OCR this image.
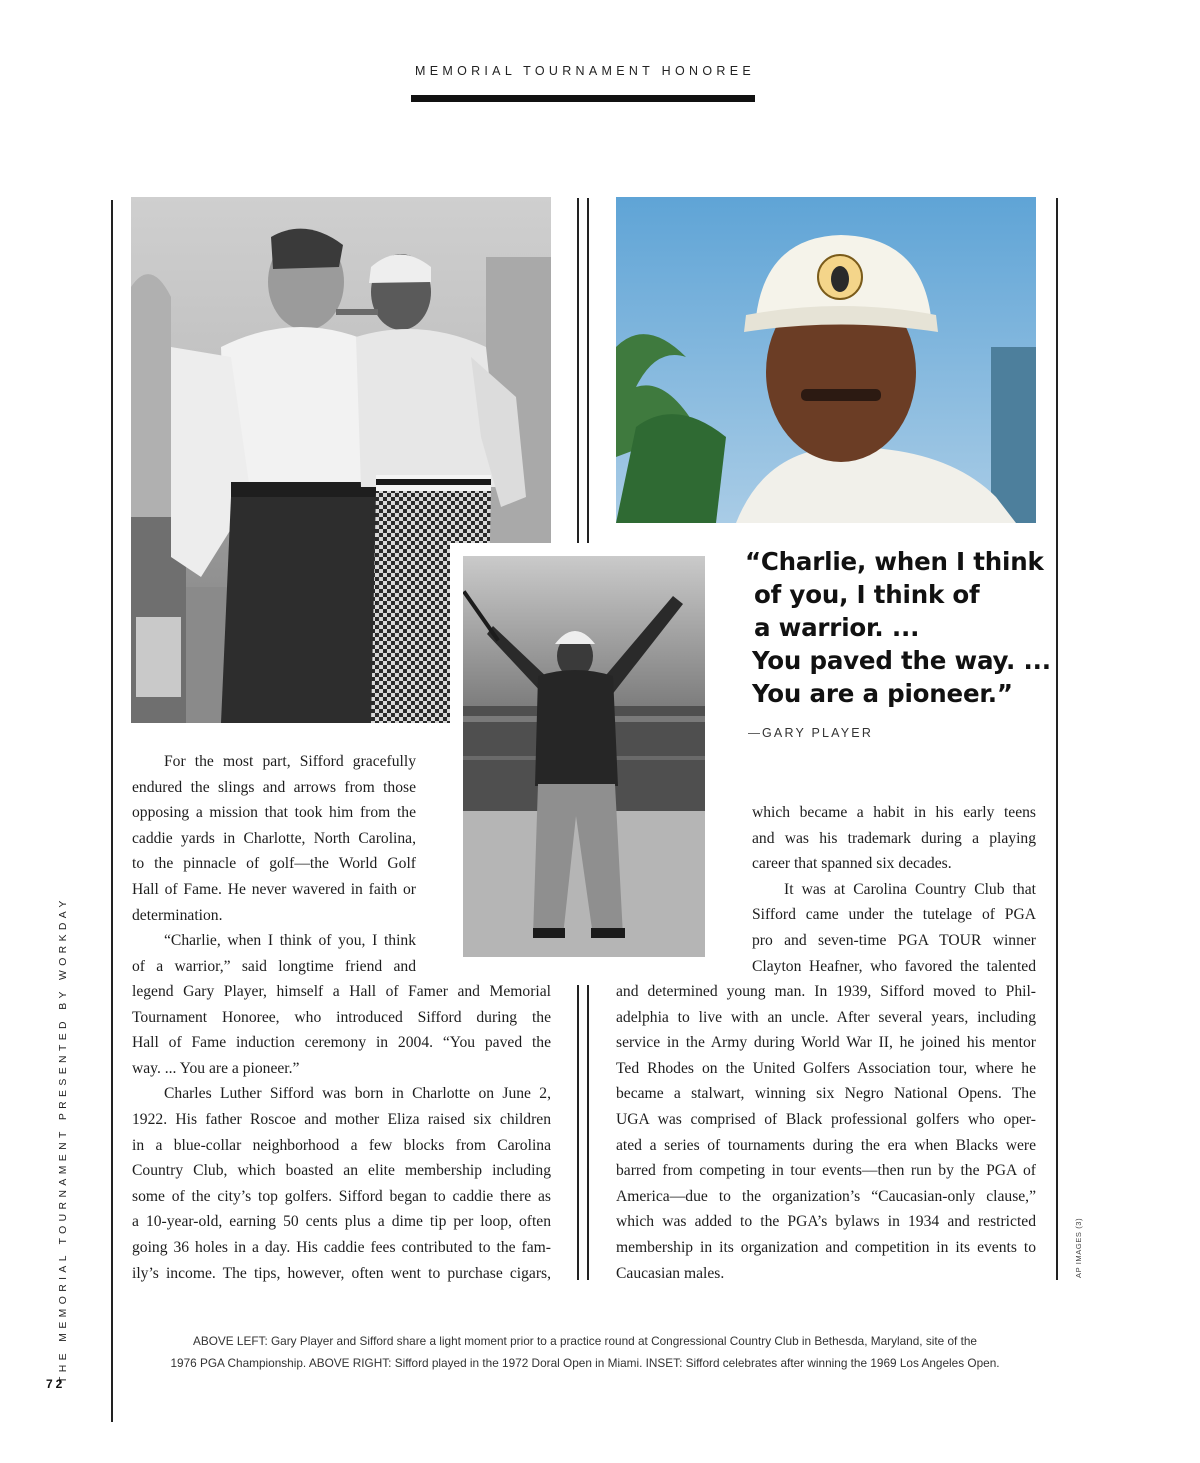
MEMORIAL TOURNAMENT HONOREE
“Charlie, when I think
of you, I think of
a warrior. ...
You paved the way. ...
You are a pioneer.”
GARY PLAYER
For the most part, Sifford gracefully
endured the slings and arrows from those
opposing a mission that took him from the
caddie yards in Charlotte, North Carolina,
to the pinnacle of golf—the World Golf
Hall of Fame. He never wavered in faith or
determination.
“Charlie, when I think of you, I think
of a warrior,” said longtime friend and
legend Gary Player, himself a Hall of Famer and Memorial
Tournament Honoree, who introduced Sifford during the
Hall of Fame induction ceremony in 2004. “You paved the
way. ... You are a pioneer.”
Charles Luther Sifford was born in Charlotte on June 2,
1922. His father Roscoe and mother Eliza raised six children
in a blue-collar neighborhood a few blocks from Carolina
Country Club, which boasted an elite membership including
some of the city’s top golfers. Sifford began to caddie there as
a 10-year-old, earning 50 cents plus a dime tip per loop, often
going 36 holes in a day. His caddie fees contributed to the fam-
ily’s income. The tips, however, often went to purchase cigars,
which became a habit in his early teens
and was his trademark during a playing
career that spanned six decades.
It was at Carolina Country Club that
Sifford came under the tutelage of PGA
pro and seven-time PGA TOUR winner
Clayton Heafner, who favored the talented
and determined young man. In 1939, Sifford moved to Phil-
adelphia to live with an uncle. After several years, including
service in the Army during World War II, he joined his mentor
Ted Rhodes on the United Golfers Association tour, where he
became a stalwart, winning six Negro National Opens. The
UGA was comprised of Black professional golfers who oper-
ated a series of tournaments during the era when Blacks were
barred from competing in tour events—then run by the PGA of
America—due to the organization’s “Caucasian-only clause,”
which was added to the PGA’s bylaws in 1934 and restricted
membership in its organization and competition in its events to
Caucasian males.
ABOVE LEFT: Gary Player and Sifford share a light moment prior to a practice round at Congressional Country Club in Bethesda, Maryland, site of the
1976 PGA Championship. ABOVE RIGHT: Sifford played in the 1972 Doral Open in Miami. INSET: Sifford celebrates after winning the 1969 Los Angeles Open.
THE MEMORIAL TOURNAMENT PRESENTED BY WORKDAY	AP IMAGES (3)
72
